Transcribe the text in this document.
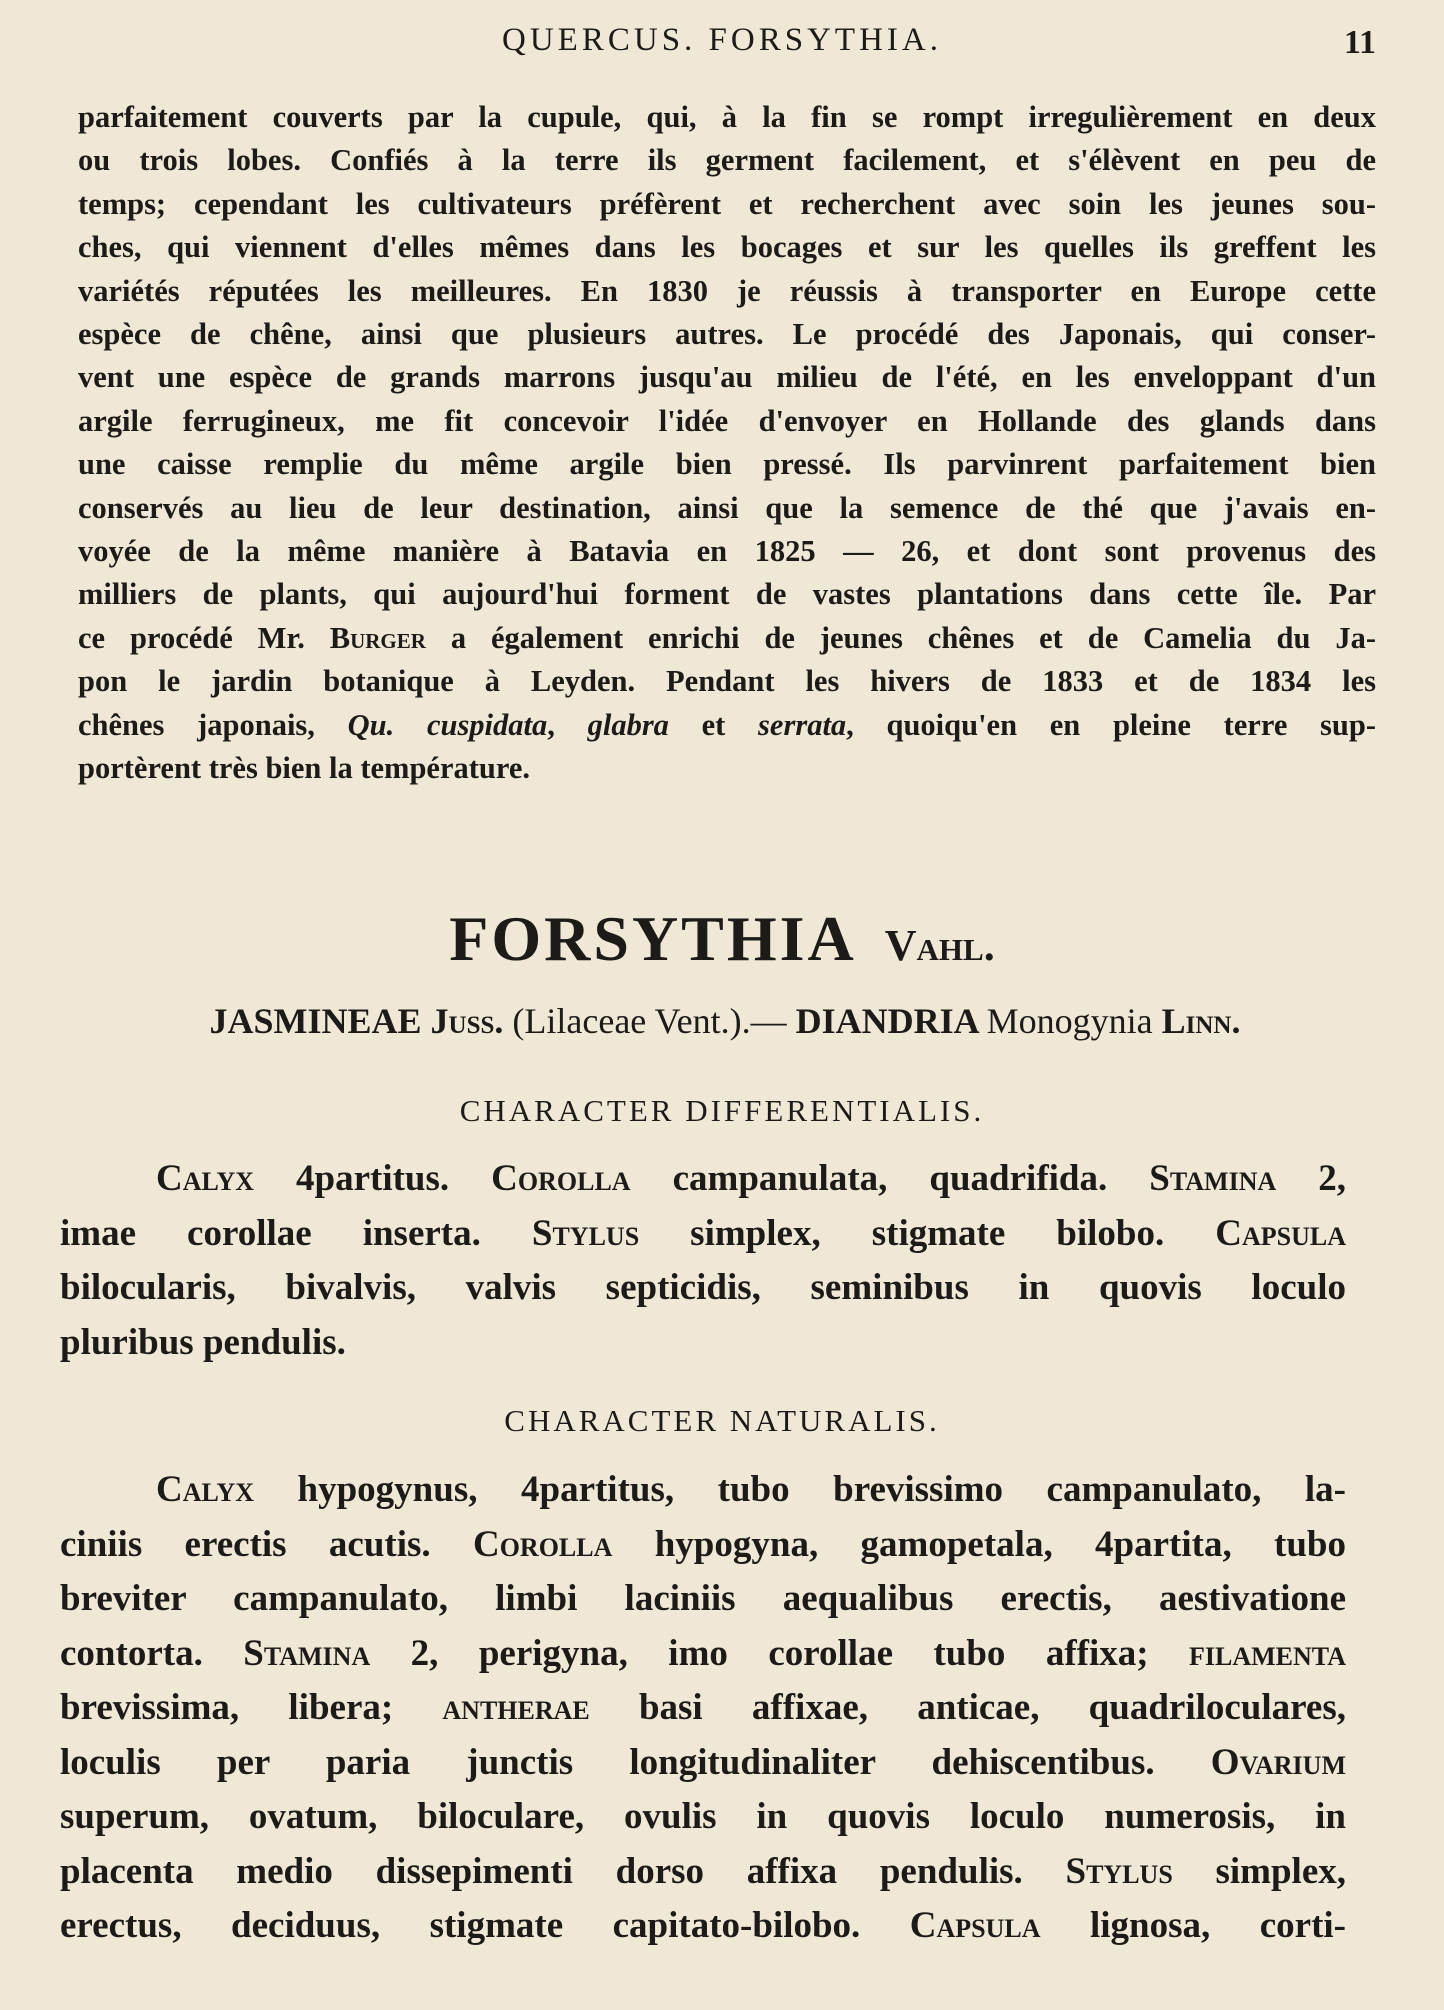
QUERCUS. FORSYTHIA.	11
parfaitement couverts par la cupule, qui, à la fin se rompt irregulièrement en deux
ou trois lobes. Confiés à la terre ils germent facilement, et s'élèvent en peu de
temps; cependant les cultivateurs préfèrent et recherchent avec soin les jeunes sou-
ches, qui viennent d'elles mêmes dans les bocages et sur les quelles ils greffent les
variétés réputées les meilleures. En 1830 je réussis à transporter en Europe cette
espèce de chêne, ainsi que plusieurs autres. Le procédé des Japonais, qui conser-
vent une espèce de grands marrons jusqu'au milieu de l'été, en les enveloppant d'un
argile ferrugineux, me fit concevoir l'idée d'envoyer en Hollande des glands dans
une caisse remplie du même argile bien pressé. Ils parvinrent parfaitement bien
conservés au lieu de leur destination, ainsi que la semence de thé que j'avais en-
voyée de la même manière à Batavia en 1825 — 26, et dont sont provenus des
milliers de plants, qui aujourd'hui forment de vastes plantations dans cette île. Par
ce procédé Mr. Burger a également enrichi de jeunes chênes et de Camelia du Ja-
pon le jardin botanique à Leyden. Pendant les hivers de 1833 et de 1834 les
chênes japonais, Qu. cuspidata, glabra et serrata, quoiqu'en en pleine terre sup-
portèrent très bien la température.
FORSYTHIA Vahl.
JASMINEAE Juss. (Lilaceae Vent.).— DIANDRIA Monogynia Linn.
CHARACTER DIFFERENTIALIS.
Calyx 4partitus. Corolla campanulata, quadrifida. Stamina 2,
imae corollae inserta. Stylus simplex, stigmate bilobo. Capsula
bilocularis, bivalvis, valvis septicidis, seminibus in quovis loculo
pluribus pendulis.
CHARACTER NATURALIS.
Calyx hypogynus, 4partitus, tubo brevissimo campanulato, la-
ciniis erectis acutis. Corolla hypogyna, gamopetala, 4partita, tubo
breviter campanulato, limbi laciniis aequalibus erectis, aestivatione
contorta. Stamina 2, perigyna, imo corollae tubo affixa; filamenta
brevissima, libera; antherae basi affixae, anticae, quadriloculares,
loculis per paria junctis longitudinaliter dehiscentibus. Ovarium
superum, ovatum, biloculare, ovulis in quovis loculo numerosis, in
placenta medio dissepimenti dorso affixa pendulis. Stylus simplex,
erectus, deciduus, stigmate capitato-bilobo. Capsula lignosa, corti-
